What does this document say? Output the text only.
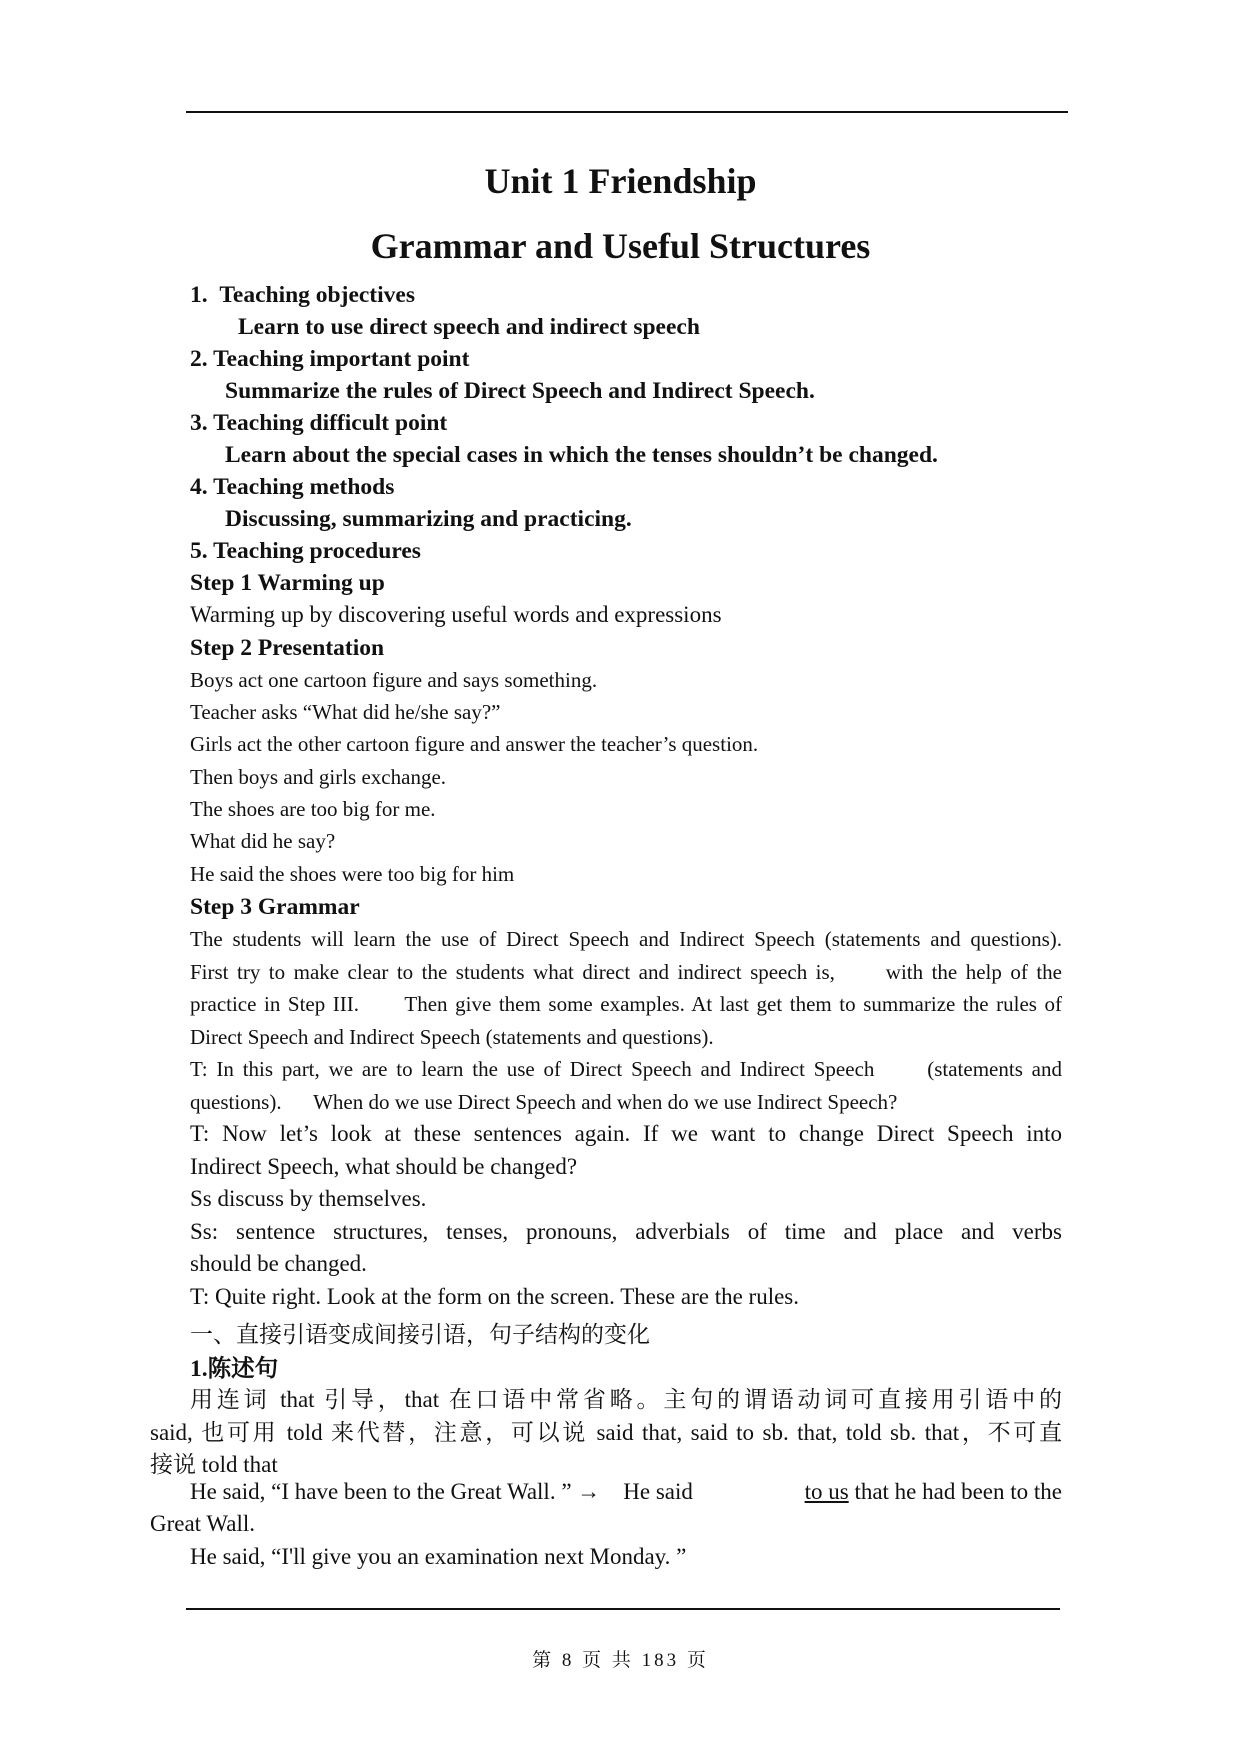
Unit 1 Friendship
Grammar and Useful Structures
1.  Teaching objectives
Learn to use direct speech and indirect speech
2. Teaching important point
Summarize the rules of Direct Speech and Indirect Speech.
3. Teaching difficult point
Learn about the special cases in which the tenses shouldn’t be changed.
4. Teaching methods
Discussing, summarizing and practicing.
5. Teaching procedures
Step 1 Warming up
Warming up by discovering useful words and expressions
Step 2 Presentation
Boys act one cartoon figure and says something.
Teacher asks “What did he/she say?”
Girls act the other cartoon figure and answer the teacher’s question.
Then boys and girls exchange.
The shoes are too big for me.
What did he say?
He said the shoes were too big for him
Step 3 Grammar
The students will learn the use of Direct Speech and Indirect Speech (statements and questions).
First try to make clear to the students what direct and indirect speech is,      with the help of the
practice in Step III.      Then give them some examples. At last get them to summarize the rules of
Direct Speech and Indirect Speech (statements and questions).
T: In this part, we are to learn the use of Direct Speech and Indirect Speech      (statements and
questions).      When do we use Direct Speech and when do we use Indirect Speech?
T: Now let’s look at these sentences again. If we want to change Direct Speech into
Indirect Speech, what should be changed?
Ss discuss by themselves.
Ss: sentence structures, tenses, pronouns, adverbials of time and place and verbs
should be changed.
T: Quite right. Look at the form on the screen. These are the rules.
一、直接引语变成间接引语，句子结构的变化
1.陈述句
用连词 that 引导，that 在口语中常省略。主句的谓语动词可直接用引语中的
said, 也可用 told 来代替，注意，可以说 said that, said to sb. that, told sb. that，不可直
接说 told that
He said, “I have been to the Great Wall. ” →    He said	to us that he had been to the
Great Wall.
He said, “I'll give you an examination next Monday. ”
第 8 页 共 183 页
